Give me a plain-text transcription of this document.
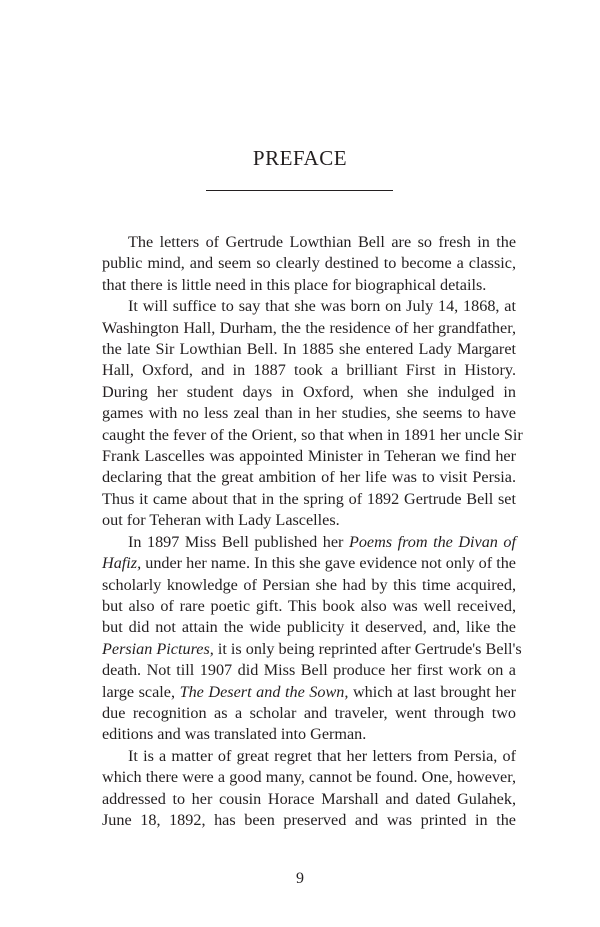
PREFACE
The letters of Gertrude Lowthian Bell are so fresh in the
public mind, and seem so clearly destined to become a classic,
that there is little need in this place for biographical details.
It will suffice to say that she was born on July 14, 1868, at
Washington Hall, Durham, the the residence of her grandfather,
the late Sir Lowthian Bell. In 1885 she entered Lady Margaret
Hall, Oxford, and in 1887 took a brilliant First in History.
During her student days in Oxford, when she indulged in
games with no less zeal than in her studies, she seems to have
caught the fever of the Orient, so that when in 1891 her uncle Sir
Frank Lascelles was appointed Minister in Teheran we find her
declaring that the great ambition of her life was to visit Persia.
Thus it came about that in the spring of 1892 Gertrude Bell set
out for Teheran with Lady Lascelles.
In 1897 Miss Bell published her Poems from the Divan of
Hafiz, under her name. In this she gave evidence not only of the
scholarly knowledge of Persian she had by this time acquired,
but also of rare poetic gift. This book also was well received,
but did not attain the wide publicity it deserved, and, like the
Persian Pictures, it is only being reprinted after Gertrude's Bell's
death. Not till 1907 did Miss Bell produce her first work on a
large scale, The Desert and the Sown, which at last brought her
due recognition as a scholar and traveler, went through two
editions and was translated into German.
It is a matter of great regret that her letters from Persia, of
which there were a good many, cannot be found. One, however,
addressed to her cousin Horace Marshall and dated Gulahek,
June 18, 1892, has been preserved and was printed in the
9
